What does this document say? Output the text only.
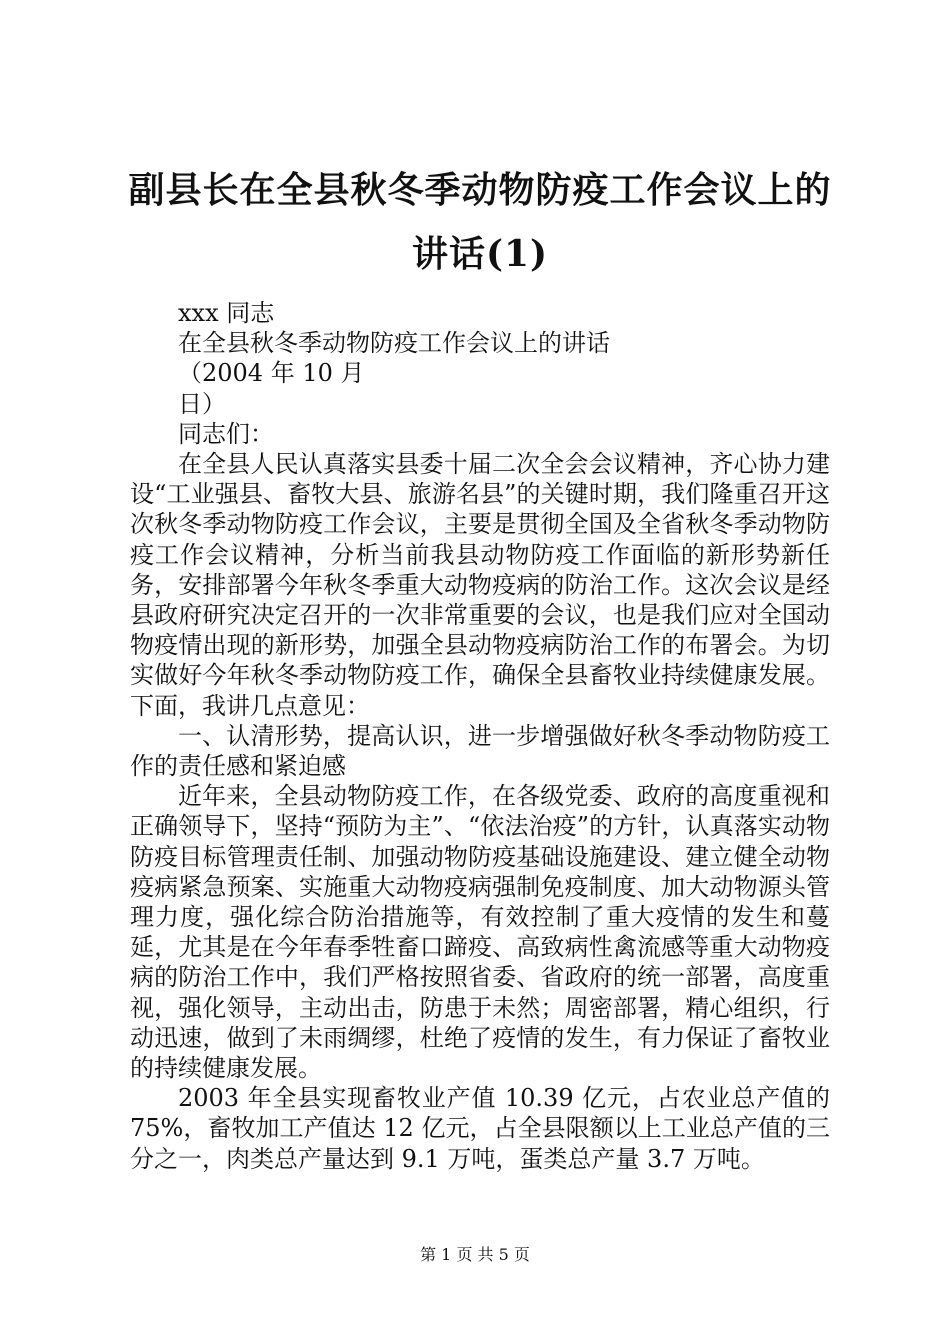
副县长在全县秋冬季动物防疫工作会议上的讲话(1)
xxx 同志
在全县秋冬季动物防疫工作会议上的讲话
（2004 年 10 月
日）
同志们：

在全县人民认真落实县委十届二次全会会议精神，齐心协力建设“工业强县、畜牧大县、旅游名县”的关键时期，我们隆重召开这次秋冬季动物防疫工作会议，主要是贯彻全国及全省秋冬季动物防疫工作会议精神，分析当前我县动物防疫工作面临的新形势新任务，安排部署今年秋冬季重大动物疫病的防治工作。这次会议是经县政府研究决定召开的一次非常重要的会议，也是我们应对全国动物疫情出现的新形势，加强全县动物疫病防治工作的布署会。为切实做好今年秋冬季动物防疫工作，确保全县畜牧业持续健康发展。下面，我讲几点意见：

一、认清形势，提高认识，进一步增强做好秋冬季动物防疫工作的责任感和紧迫感

近年来，全县动物防疫工作，在各级党委、政府的高度重视和正确领导下，坚持“预防为主”、“依法治疫”的方针，认真落实动物防疫目标管理责任制、加强动物防疫基础设施建设、建立健全动物疫病紧急预案、实施重大动物疫病强制免疫制度、加大动物源头管理力度，强化综合防治措施等，有效控制了重大疫情的发生和蔓延，尤其是在今年春季牲畜口蹄疫、高致病性禽流感等重大动物疫病的防治工作中，我们严格按照省委、省政府的统一部署，高度重视，强化领导，主动出击，防患于未然；周密部署，精心组织，行动迅速，做到了未雨绸缪，杜绝了疫情的发生，有力保证了畜牧业的持续健康发展。

2003 年全县实现畜牧业产值 10.39 亿元，占农业总产值的 75%，畜牧加工产值达 12 亿元，占全县限额以上工业总产值的三分之一，肉类总产量达到 9.1 万吨，蛋类总产量 3.7 万吨。

第 1 页 共 5 页
